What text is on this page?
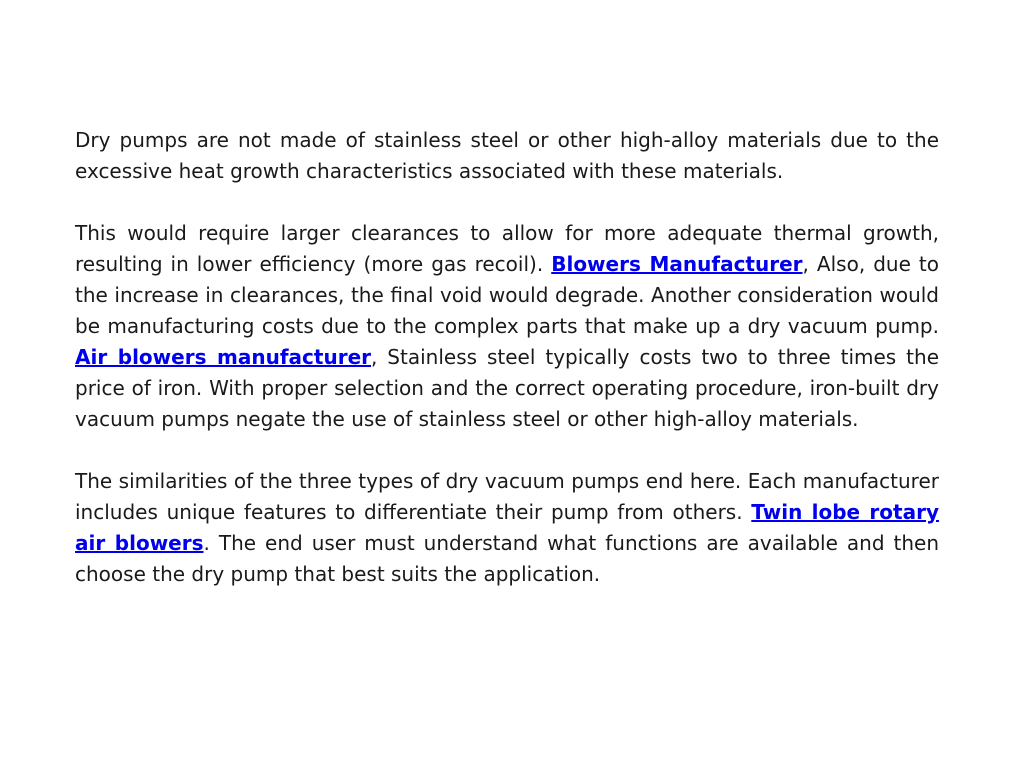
Dry pumps are not made of stainless steel or other high-alloy materials due to the excessive heat growth characteristics associated with these materials.

This would require larger clearances to allow for more adequate thermal growth, resulting in lower efficiency (more gas recoil). Blowers Manufacturer, Also, due to the increase in clearances, the final void would degrade. Another consideration would be manufacturing costs due to the complex parts that make up a dry vacuum pump. Air blowers manufacturer, Stainless steel typically costs two to three times the price of iron. With proper selection and the correct operating procedure, iron-built dry vacuum pumps negate the use of stainless steel or other high-alloy materials.

The similarities of the three types of dry vacuum pumps end here. Each manufacturer includes unique features to differentiate their pump from others. Twin lobe rotary air blowers. The end user must understand what functions are available and then choose the dry pump that best suits the application.
